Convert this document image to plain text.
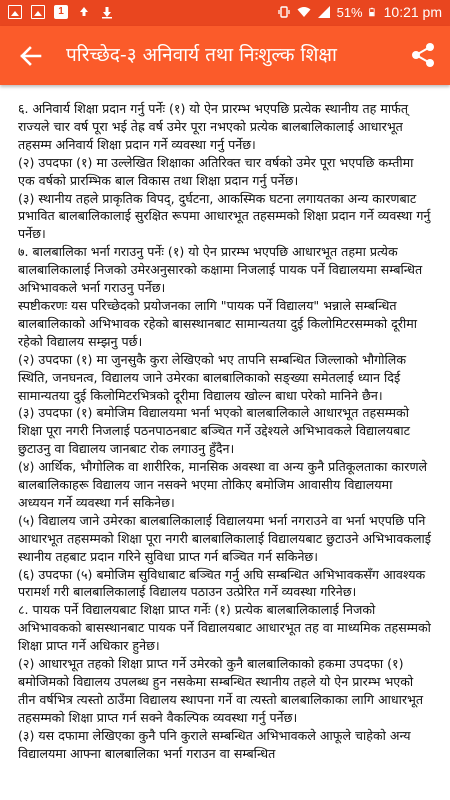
1	51% 10:21 pm
परिच्छेद-३ अनिवार्य तथा निःशुल्क शिक्षा

६. अनिवार्य शिक्षा प्रदान गर्नु पर्नेः (१) यो ऐन प्रारम्भ भएपछि प्रत्येक स्थानीय तह मार्फत् राज्यले चार वर्ष पूरा भई तेह्र वर्ष उमेर पूरा नभएको प्रत्येक बालबालिकालाई आधारभूत तहसम्म अनिवार्य शिक्षा प्रदान गर्ने व्यवस्था गर्नु पर्नेछ।

(२) उपदफा (१) मा उल्लेखित शिक्षाका अतिरिक्त चार वर्षको उमेर पूरा भएपछि कम्तीमा एक वर्षको प्रारम्भिक बाल विकास तथा शिक्षा प्रदान गर्नु पर्नेछ।

(३) स्थानीय तहले प्राकृतिक विपद्, दुर्घटना, आकस्मिक घटना लगायतका अन्य कारणबाट प्रभावित बालबालिकालाई सुरक्षित रूपमा आधारभूत तहसम्मको शिक्षा प्रदान गर्ने व्यवस्था गर्नु पर्नेछ।

७. बालबालिका भर्ना गराउनु पर्नेः (१) यो ऐन प्रारम्भ भएपछि आधारभूत तहमा प्रत्येक बालबालिकालाई निजको उमेरअनुसारको कक्षामा निजलाई पायक पर्ने विद्यालयमा सम्बन्धित अभिभावकले भर्ना गराउनु पर्नेछ।

स्पष्टीकरणः यस परिच्छेदको प्रयोजनका लागि "पायक पर्ने विद्यालय" भन्नाले सम्बन्धित बालबालिकाको अभिभावक रहेको बासस्थानबाट सामान्यतया दुई किलोमिटरसम्मको दूरीमा रहेको विद्यालय सम्झनु पर्छ।

(२) उपदफा (१) मा जुनसुकै कुरा लेखिएको भए तापनि सम्बन्धित जिल्लाको भौगोलिक स्थिति, जनघनत्व, विद्यालय जाने उमेरका बालबालिकाको सङ्ख्या समेतलाई ध्यान दिई सामान्यतया दुई किलोमिटरभित्रको दूरीमा विद्यालय खोल्न बाधा परेको मानिने छैन।

(३) उपदफा (१) बमोजिम विद्यालयमा भर्ना भएको बालबालिकाले आधारभूत तहसम्मको शिक्षा पूरा नगरी निजलाई पठनपाठनबाट बञ्चित गर्ने उद्देश्यले अभिभावकले विद्यालयबाट छुटाउनु वा विद्यालय जानबाट रोक लगाउनु हुँदैन।

(४) आर्थिक, भौगोलिक वा शारीरिक, मानसिक अवस्था वा अन्य कुनै प्रतिकूलताका कारणले बालबालिकाहरू विद्यालय जान नसक्ने भएमा तोकिए बमोजिम आवासीय विद्यालयमा अध्ययन गर्ने व्यवस्था गर्न सकिनेछ।

(५) विद्यालय जाने उमेरका बालबालिकालाई विद्यालयमा भर्ना नगराउने वा भर्ना भएपछि पनि आधारभूत तहसम्मको शिक्षा पूरा नगरी बालबालिकालाई विद्यालयबाट छुटाउने अभिभावकलाई स्थानीय तहबाट प्रदान गरिने सुविधा प्राप्त गर्न बञ्चित गर्न सकिनेछ।

(६) उपदफा (५) बमोजिम सुविधाबाट बञ्चित गर्नु अघि सम्बन्धित अभिभावकसँग आवश्यक परामर्श गरी बालबालिकालाई विद्यालय पठाउन उत्प्रेरित गर्ने व्यवस्था गरिनेछ।

८. पायक पर्ने विद्यालयबाट शिक्षा प्राप्त गर्नेः (१) प्रत्येक बालबालिकालाई निजको अभिभावकको बासस्थानबाट पायक पर्ने विद्यालयबाट आधारभूत तह वा माध्यमिक तहसम्मको शिक्षा प्राप्त गर्ने अधिकार हुनेछ।

(२) आधारभूत तहको शिक्षा प्राप्त गर्ने उमेरको कुनै बालबालिकाको हकमा उपदफा (१) बमोजिमको विद्यालय उपलब्ध हुन नसकेमा सम्बन्धित स्थानीय तहले यो ऐन प्रारम्भ भएको तीन वर्षभित्र त्यस्तो ठाउँमा विद्यालय स्थापना गर्ने वा त्यस्तो बालबालिकाका लागि आधारभूत तहसम्मको शिक्षा प्राप्त गर्न सक्ने वैकल्पिक व्यवस्था गर्नु पर्नेछ।

(३) यस दफामा लेखिएका कुनै पनि कुराले सम्बन्धित अभिभावकले आफूले चाहेको अन्य विद्यालयमा आफ्ना बालबालिका भर्ना गराउन वा सम्बन्धित
